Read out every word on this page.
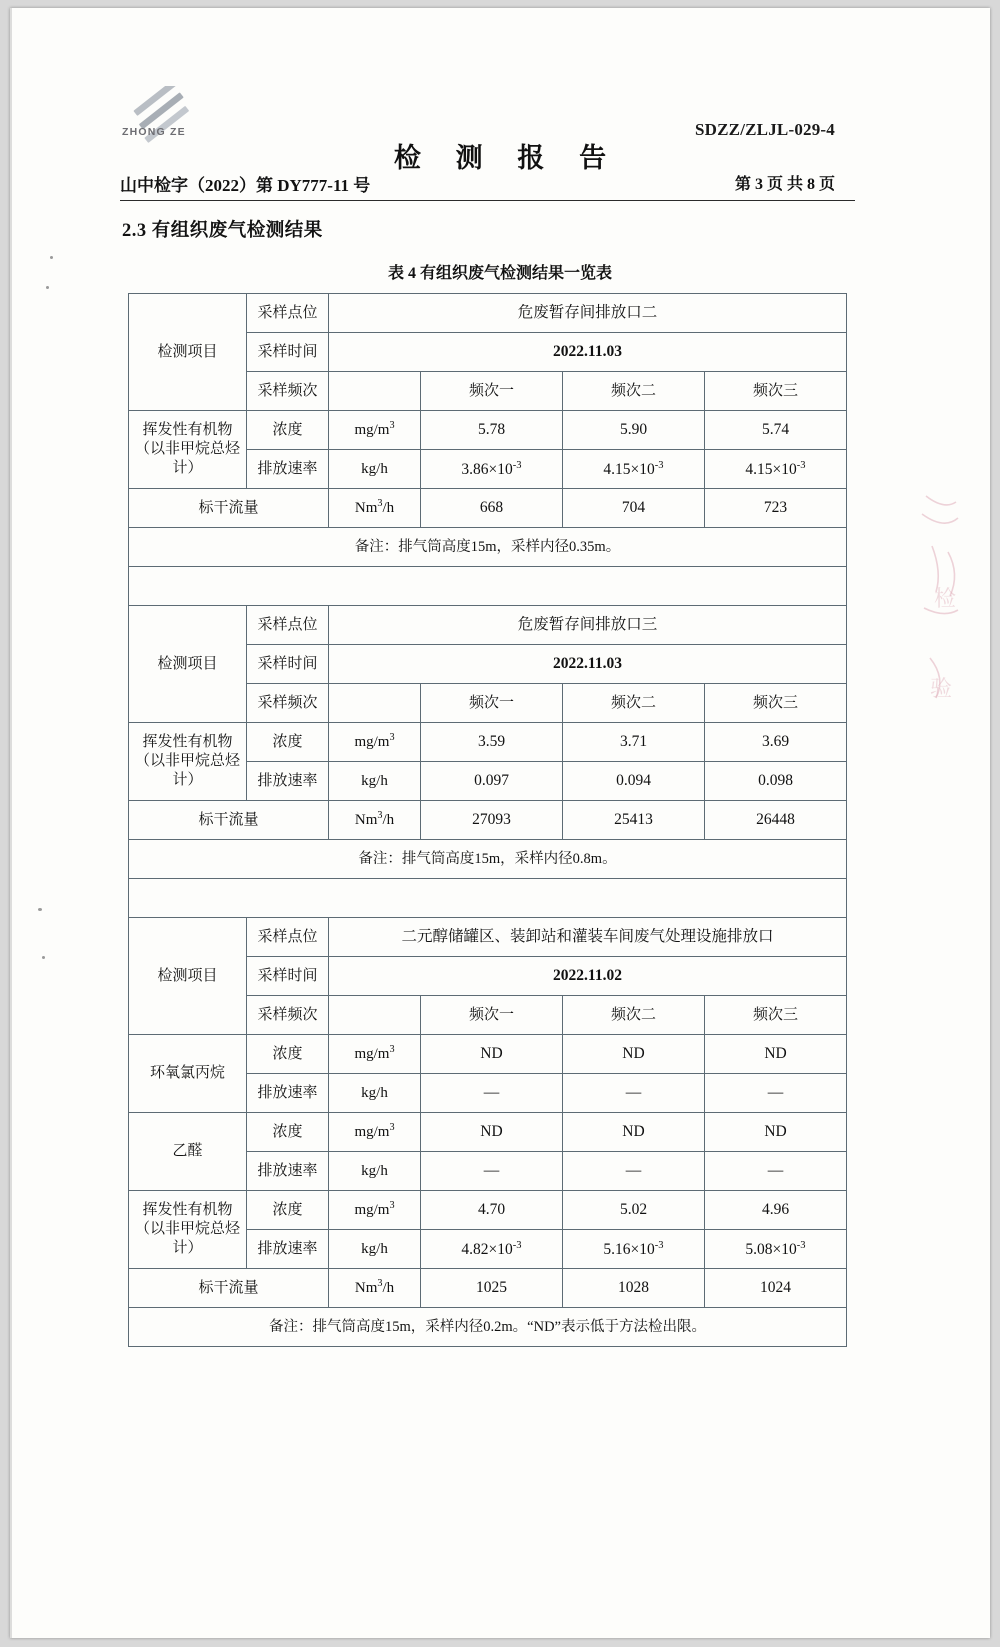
ZHONG ZE	SDZZ/ZLJL-029-4
检 测 报 告
山中检字（2022）第 DY777-11 号	第 3 页 共 8 页
2.3 有组织废气检测结果
表 4 有组织废气检测结果一览表
检测项目	采样点位	危废暂存间排放口二			
	采样时间	2022.11.03			
	采样频次		频次一	频次二	频次三
挥发性有机物（以非甲烷总烃计）	浓度	$mg/m^3$	5.78	5.90	5.74
	排放速率	kg/h	$3.86\times 10^{-3}$	$4.15\times 10^{-3}$	$4.15\times 10^{-3}$
标干流量		Nm$^3$/h	668	704	723
备注：排气筒高度15m，采样内径0.35m。					

检测项目	采样点位	危废暂存间排放口三			
	采样时间	2022.11.03			
	采样频次		频次一	频次二	频次三
挥发性有机物（以非甲烷总烃计）	浓度	$mg/m^3$	3.59	3.71	3.69
	排放速率	kg/h	0.097	0.094	0.098
标干流量		Nm$^3$/h	27093	25413	26448
备注：排气筒高度15m，采样内径0.8m。					

检测项目	采样点位	二元醇储罐区、装卸站和灌装车间废气处理设施排放口			
	采样时间	2022.11.02			
	采样频次		频次一	频次二	频次三
环氧氯丙烷	浓度	$mg/m^3$	ND	ND	ND
	排放速率	kg/h	—	—	—
乙醛	浓度	$mg/m^3$	ND	ND	ND
	排放速率	kg/h	—	—	—
挥发性有机物（以非甲烷总烃计）	浓度	$mg/m^3$	4.70	5.02	4.96
	排放速率	kg/h	$4.82\times 10^{-3}$	$5.16\times 10^{-3}$	$5.08\times 10^{-3}$
标干流量		Nm$^3$/h	1025	1028	1024
备注：排气筒高度15m，采样内径0.2m。“ND”表示低于方法检出限。					
检
验
